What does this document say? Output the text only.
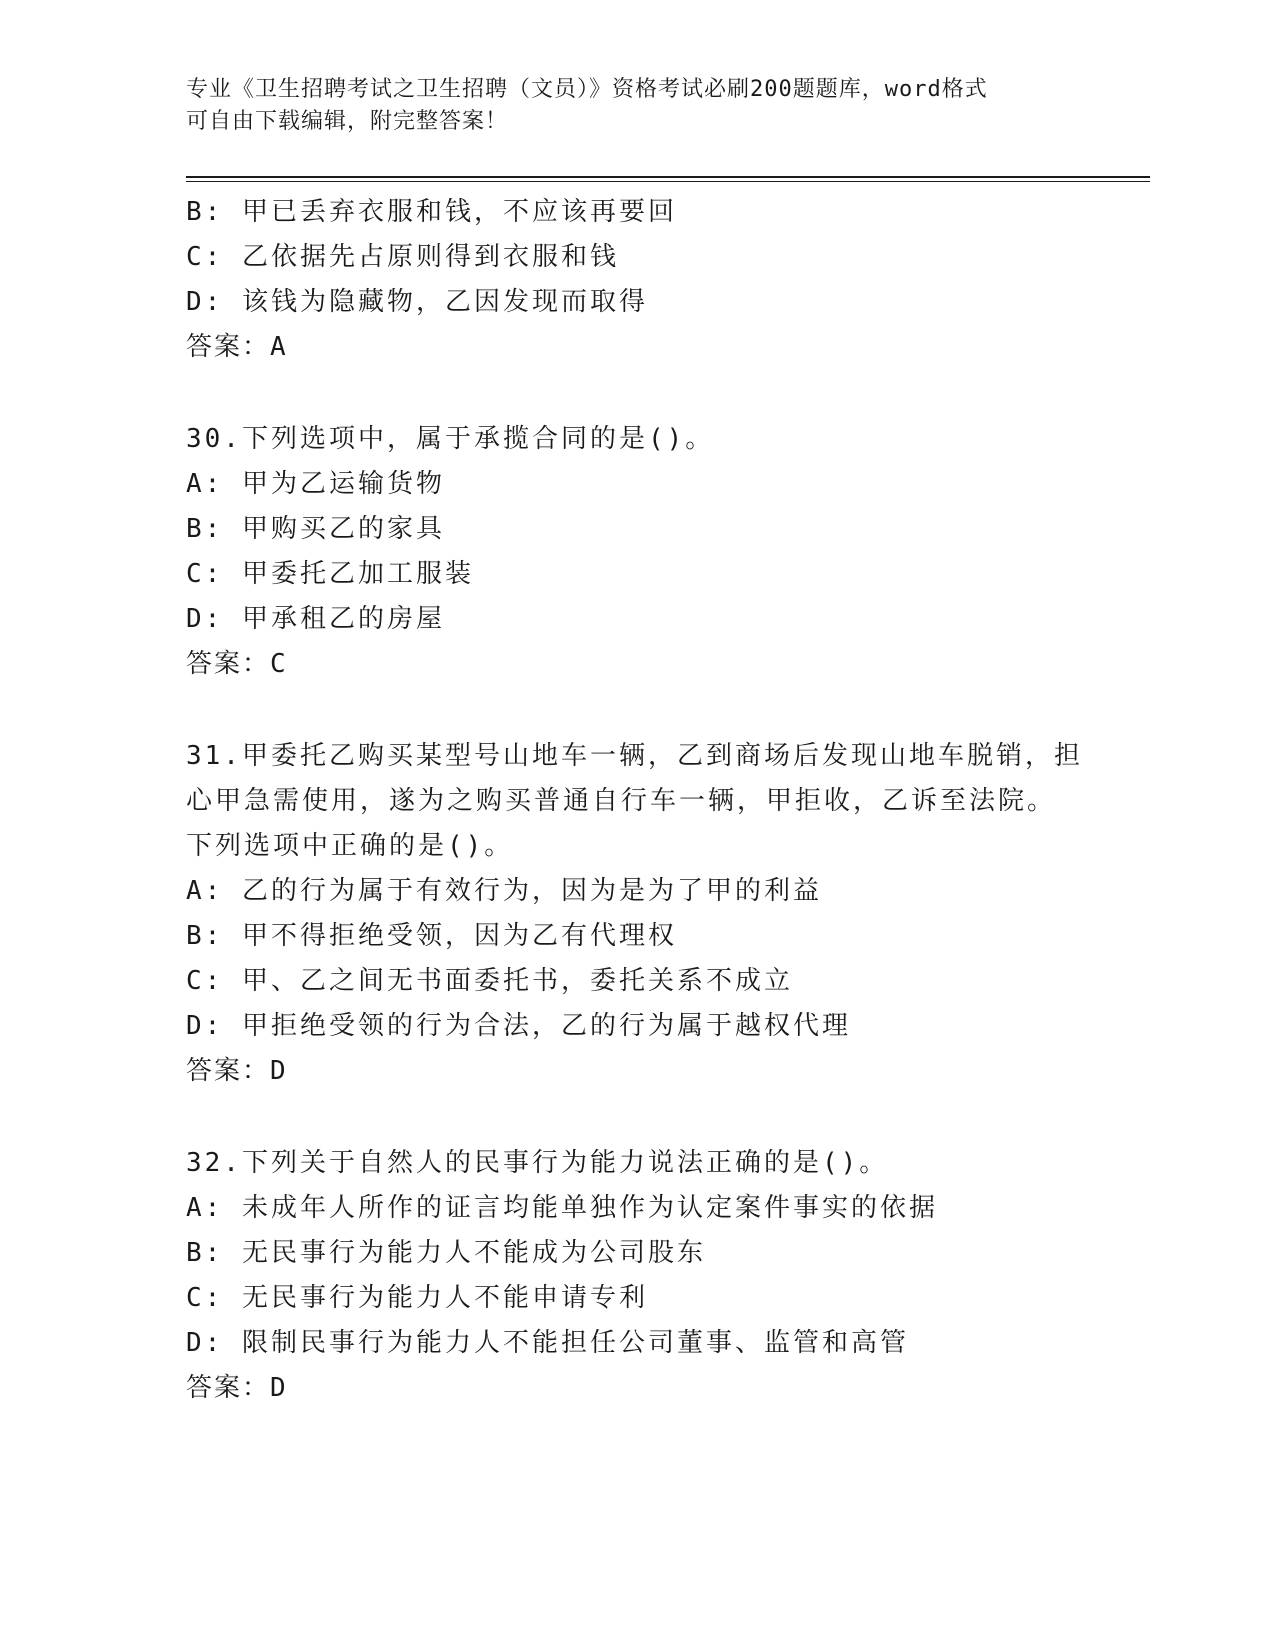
专业《卫生招聘考试之卫生招聘（文员）》资格考试必刷200题题库，word格式
可自由下载编辑，附完整答案！
B: 甲已丢弃衣服和钱，不应该再要回
C: 乙依据先占原则得到衣服和钱
D: 该钱为隐藏物，乙因发现而取得
答案：A
30.下列选项中，属于承揽合同的是()。
A: 甲为乙运输货物
B: 甲购买乙的家具
C: 甲委托乙加工服装
D: 甲承租乙的房屋
答案：C
31.甲委托乙购买某型号山地车一辆，乙到商场后发现山地车脱销，担
心甲急需使用，遂为之购买普通自行车一辆，甲拒收，乙诉至法院。
下列选项中正确的是()。
A: 乙的行为属于有效行为，因为是为了甲的利益
B: 甲不得拒绝受领，因为乙有代理权
C: 甲、乙之间无书面委托书，委托关系不成立
D: 甲拒绝受领的行为合法，乙的行为属于越权代理
答案：D
32.下列关于自然人的民事行为能力说法正确的是()。
A: 未成年人所作的证言均能单独作为认定案件事实的依据
B: 无民事行为能力人不能成为公司股东
C: 无民事行为能力人不能申请专利
D: 限制民事行为能力人不能担任公司董事、监管和高管
答案：D
